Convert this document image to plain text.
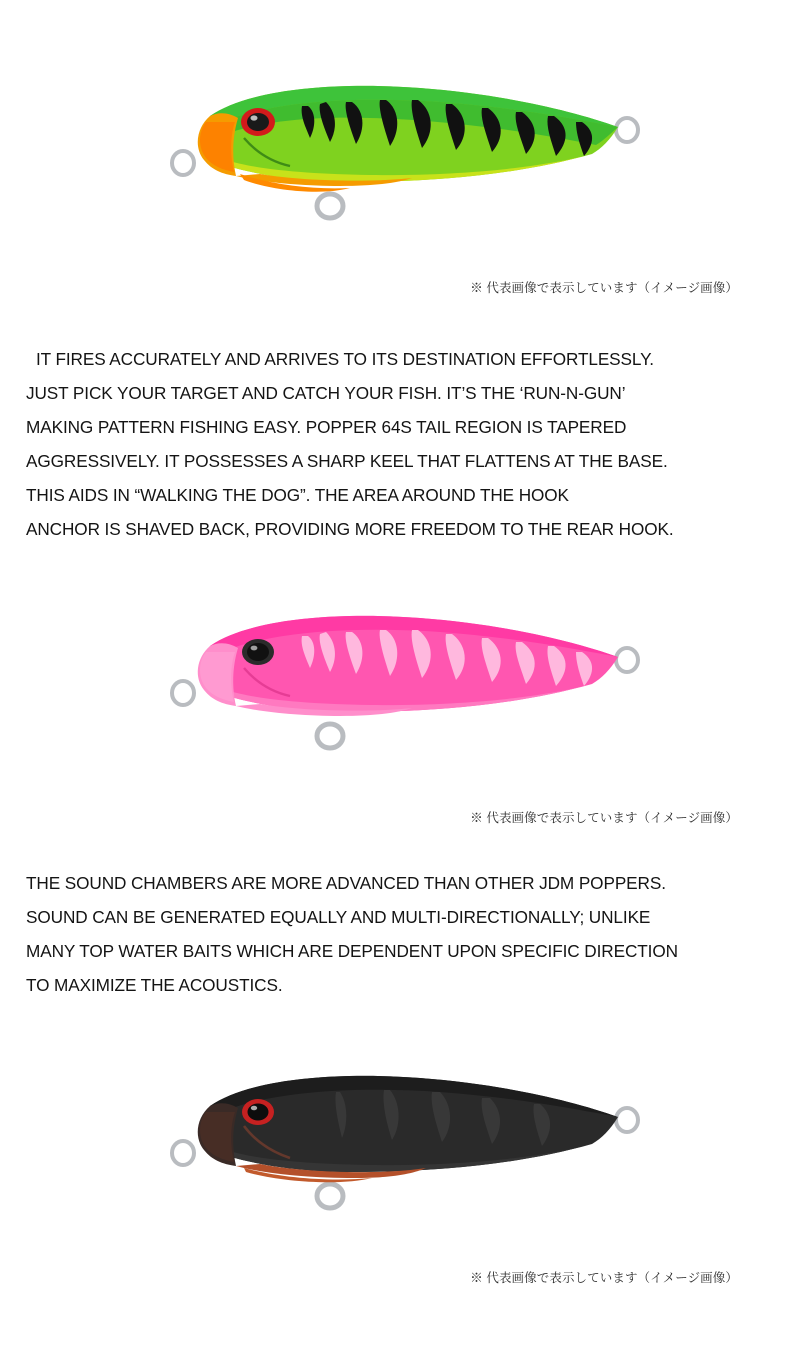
※ 代表画像で表示しています（イメージ画像）

IT FIRES ACCURATELY AND ARRIVES TO ITS DESTINATION EFFORTLESSLY.

JUST PICK YOUR TARGET AND CATCH YOUR FISH. IT’S THE ‘RUN-N-GUN’

MAKING PATTERN FISHING EASY. POPPER 64S TAIL REGION IS TAPERED

AGGRESSIVELY. IT POSSESSES A SHARP KEEL THAT FLATTENS AT THE BASE.

THIS AIDS IN “WALKING THE DOG”. THE AREA AROUND THE HOOK

ANCHOR IS SHAVED BACK, PROVIDING MORE FREEDOM TO THE REAR HOOK.

※ 代表画像で表示しています（イメージ画像）

THE SOUND CHAMBERS ARE MORE ADVANCED THAN OTHER JDM POPPERS.

SOUND CAN BE GENERATED EQUALLY AND MULTI-DIRECTIONALLY; UNLIKE

MANY TOP WATER BAITS WHICH ARE DEPENDENT UPON SPECIFIC DIRECTION

TO MAXIMIZE THE ACOUSTICS.

※ 代表画像で表示しています（イメージ画像）
